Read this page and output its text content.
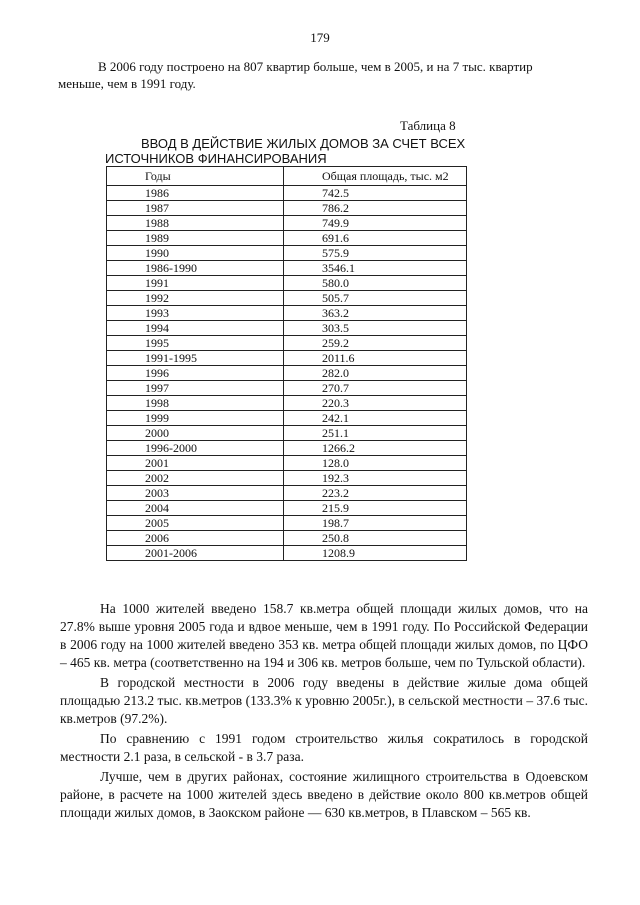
179
В 2006 году построено на 807 квартир больше, чем в 2005, и на 7 тыс. квартир
меньше, чем в 1991 году.
Таблица 8
ВВОД В ДЕЙСТВИЕ ЖИЛЫХ ДОМОВ ЗА СЧЕТ ВСЕХ
ИСТОЧНИКОВ ФИНАНСИРОВАНИЯ
Годы	Общая площадь, тыс. м2
1986	742.5
1987	786.2
1988	749.9
1989	691.6
1990	575.9
1986-1990	3546.1
1991	580.0
1992	505.7
1993	363.2
1994	303.5
1995	259.2
1991-1995	2011.6
1996	282.0
1997	270.7
1998	220.3
1999	242.1
2000	251.1
1996-2000	1266.2
2001	128.0
2002	192.3
2003	223.2
2004	215.9
2005	198.7
2006	250.8
2001-2006	1208.9

На 1000 жителей введено 158.7 кв.метра общей площади жилых домов, что на 27.8% выше уровня 2005 года и вдвое меньше, чем в 1991 году. По Российской Федерации в 2006 году на 1000 жителей введено 353 кв. метра общей площади жилых домов, по ЦФО – 465 кв. метра (соответственно на 194 и 306 кв. метров больше, чем по Тульской области).

В городской местности в 2006 году введены в действие жилые дома общей площадью 213.2 тыс. кв.метров (133.3% к уровню 2005г.), в сельской местности – 37.6 тыс. кв.метров (97.2%).

По сравнению с 1991 годом строительство жилья сократилось в городской местности 2.1 раза, в сельской - в 3.7 раза.

Лучше, чем в других районах, состояние жилищного строительства в Одоевском районе, в расчете на 1000 жителей здесь введено в действие около 800 кв.метров общей площади жилых домов, в Заокском районе — 630 кв.метров, в Плавском – 565 кв.
